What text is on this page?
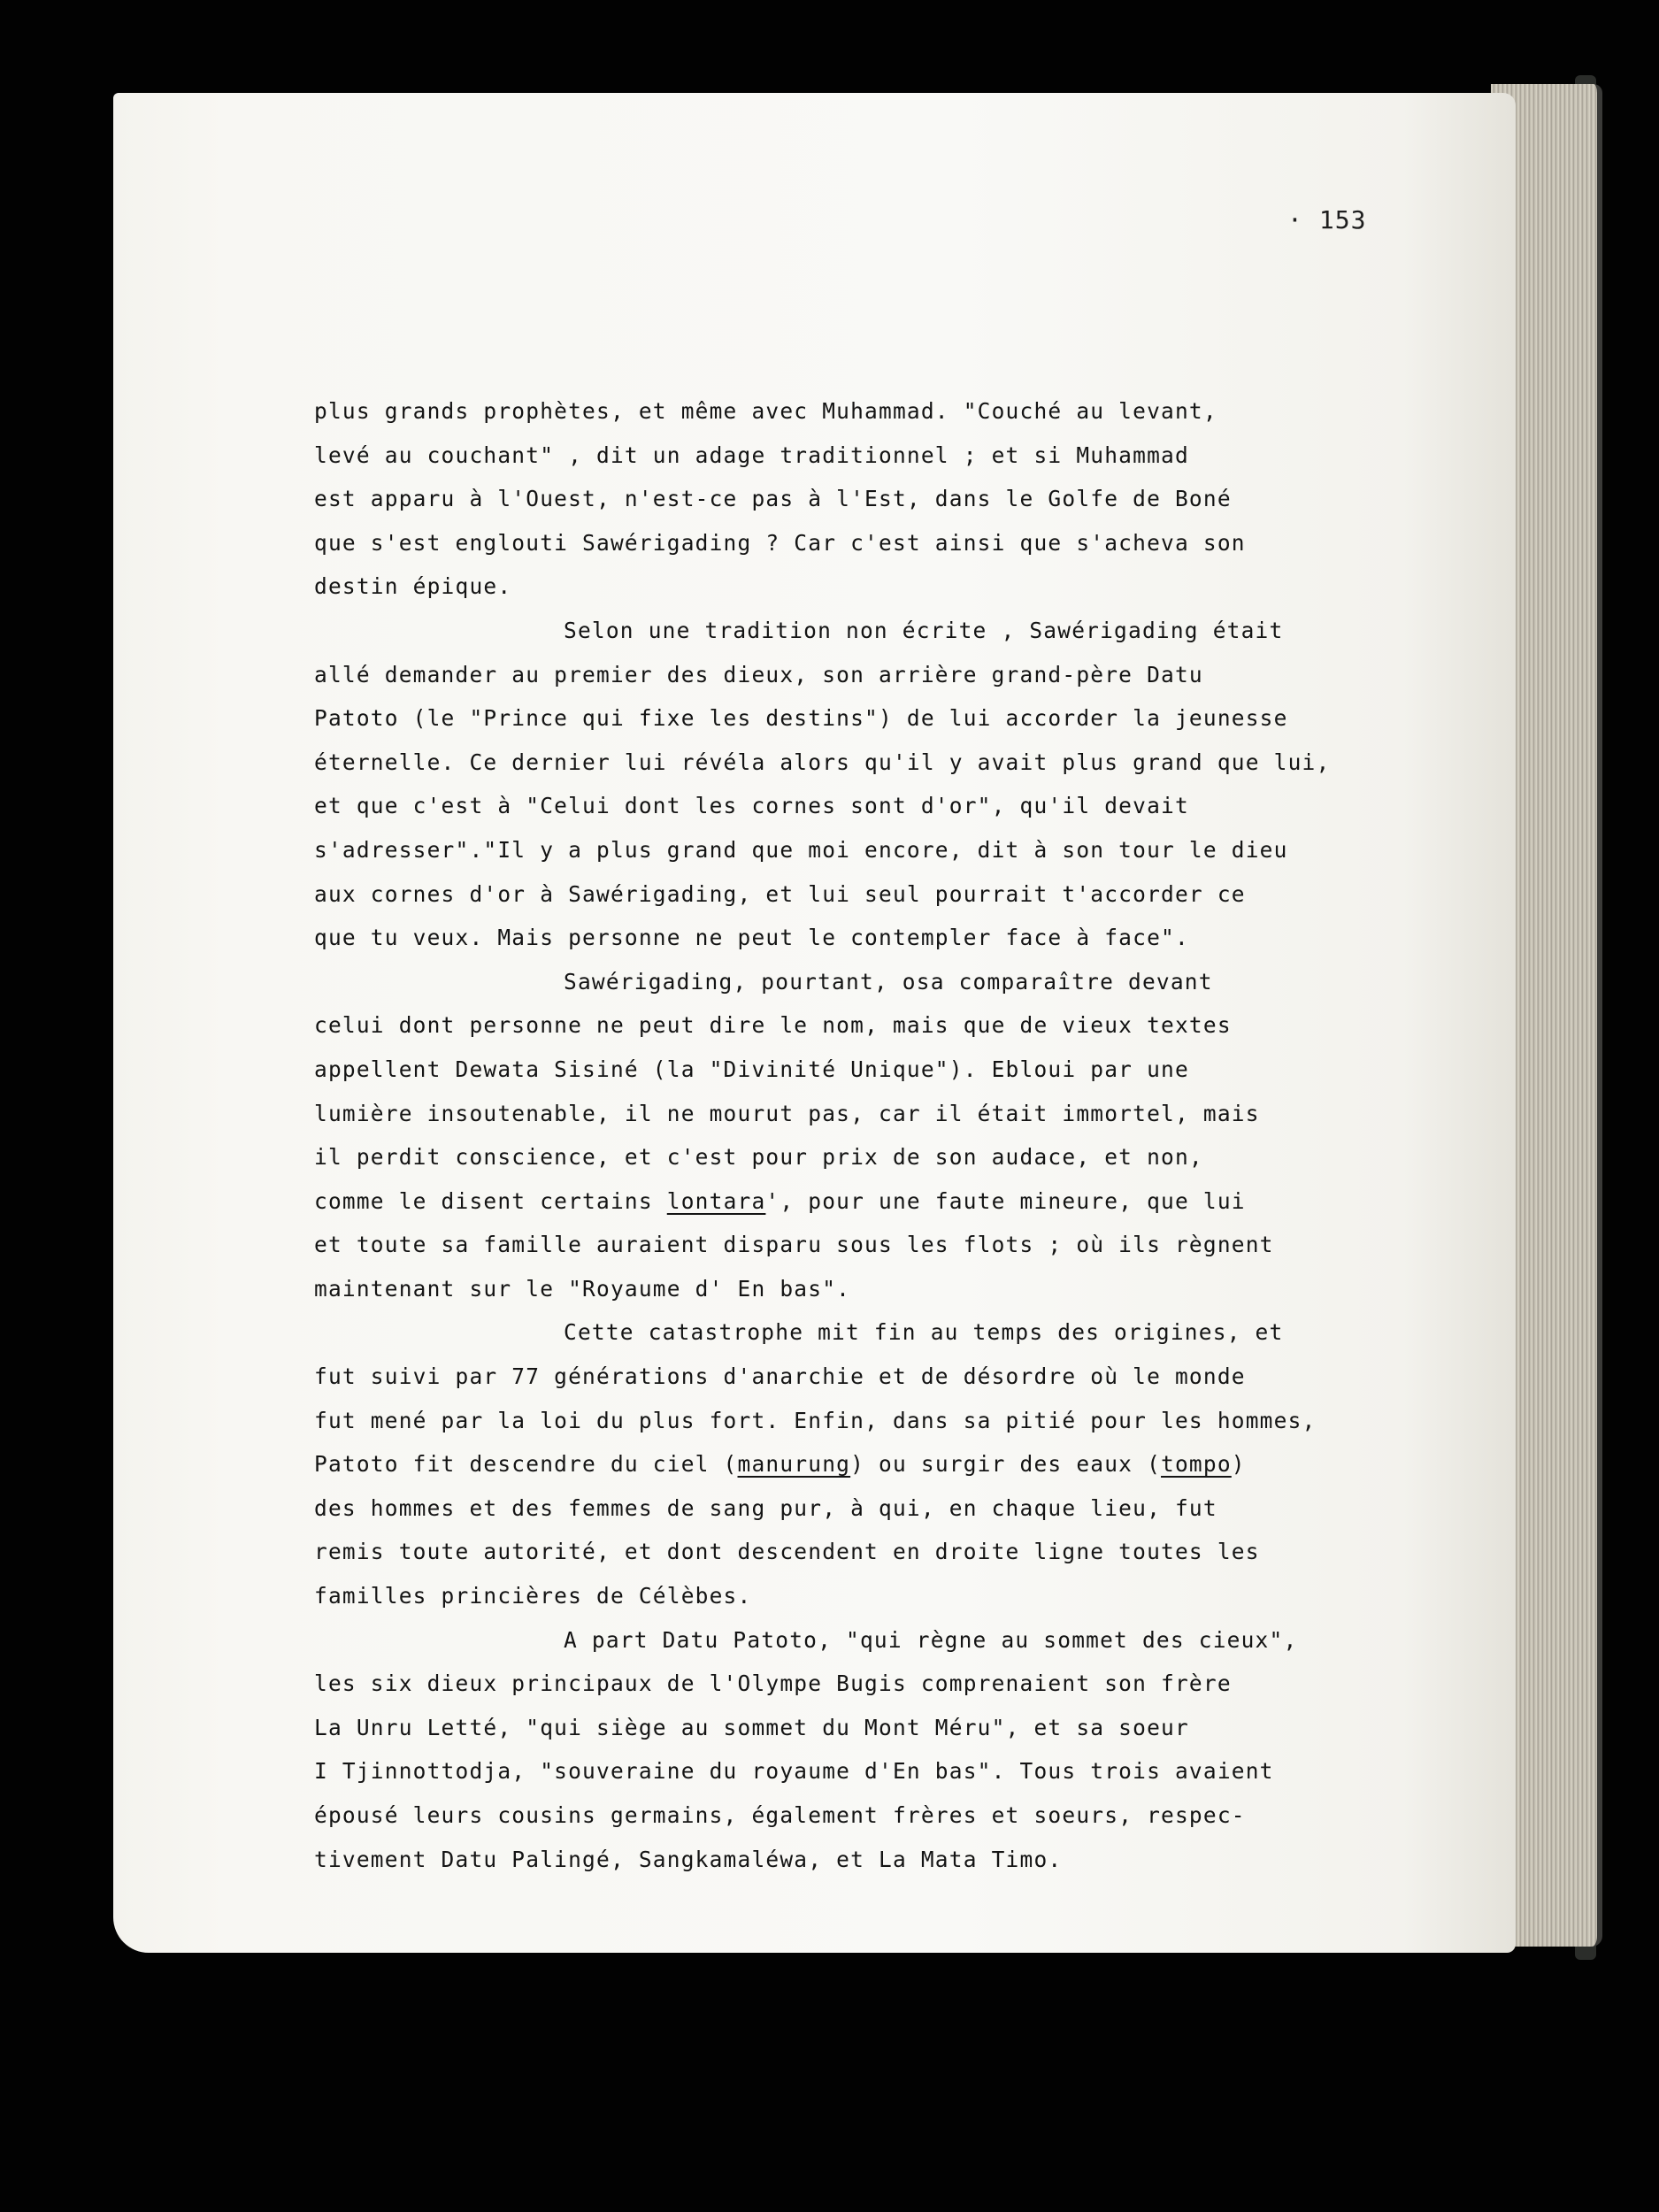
· 153
plus grands prophètes, et même avec Muhammad. "Couché au levant,
levé au couchant" , dit un adage traditionnel ; et si Muhammad
est apparu à l'Ouest, n'est-ce pas à l'Est, dans le Golfe de Boné
que s'est englouti Sawérigading ? Car c'est ainsi que s'acheva son
destin épique.
Selon une tradition non écrite , Sawérigading était
allé demander au premier des dieux, son arrière grand-père Datu
Patoto (le "Prince qui fixe les destins") de lui accorder la jeunesse
éternelle. Ce dernier lui révéla alors qu'il y avait plus grand que lui,
et que c'est à "Celui dont les cornes sont d'or", qu'il devait
s'adresser"."Il y a plus grand que moi encore, dit à son tour le dieu
aux cornes d'or à Sawérigading, et lui seul pourrait t'accorder ce
que tu veux. Mais personne ne peut le contempler face à face".
Sawérigading, pourtant, osa comparaître devant
celui dont personne ne peut dire le nom, mais que de vieux textes
appellent Dewata Sisiné (la "Divinité Unique"). Ebloui par une
lumière insoutenable, il ne mourut pas, car il était immortel, mais
il perdit conscience, et c'est pour prix de son audace, et non,
comme le disent certains lontara', pour une faute mineure, que lui
et toute sa famille auraient disparu sous les flots ; où ils règnent
maintenant sur le "Royaume d' En bas".
Cette catastrophe mit fin au temps des origines, et
fut suivi par 77 générations d'anarchie et de désordre où le monde
fut mené par la loi du plus fort. Enfin, dans sa pitié pour les hommes,
Patoto fit descendre du ciel (manurung) ou surgir des eaux (tompo)
des hommes et des femmes de sang pur, à qui, en chaque lieu, fut
remis toute autorité, et dont descendent en droite ligne toutes les
familles princières de Célèbes.
A part Datu Patoto, "qui règne au sommet des cieux",
les six dieux principaux de l'Olympe Bugis comprenaient son frère
La Unru Letté, "qui siège au sommet du Mont Méru", et sa soeur
I Tjinnottodja, "souveraine du royaume d'En bas". Tous trois avaient
épousé leurs cousins germains, également frères et soeurs, respec-
tivement Datu Palingé, Sangkamaléwa, et La Mata Timo.
